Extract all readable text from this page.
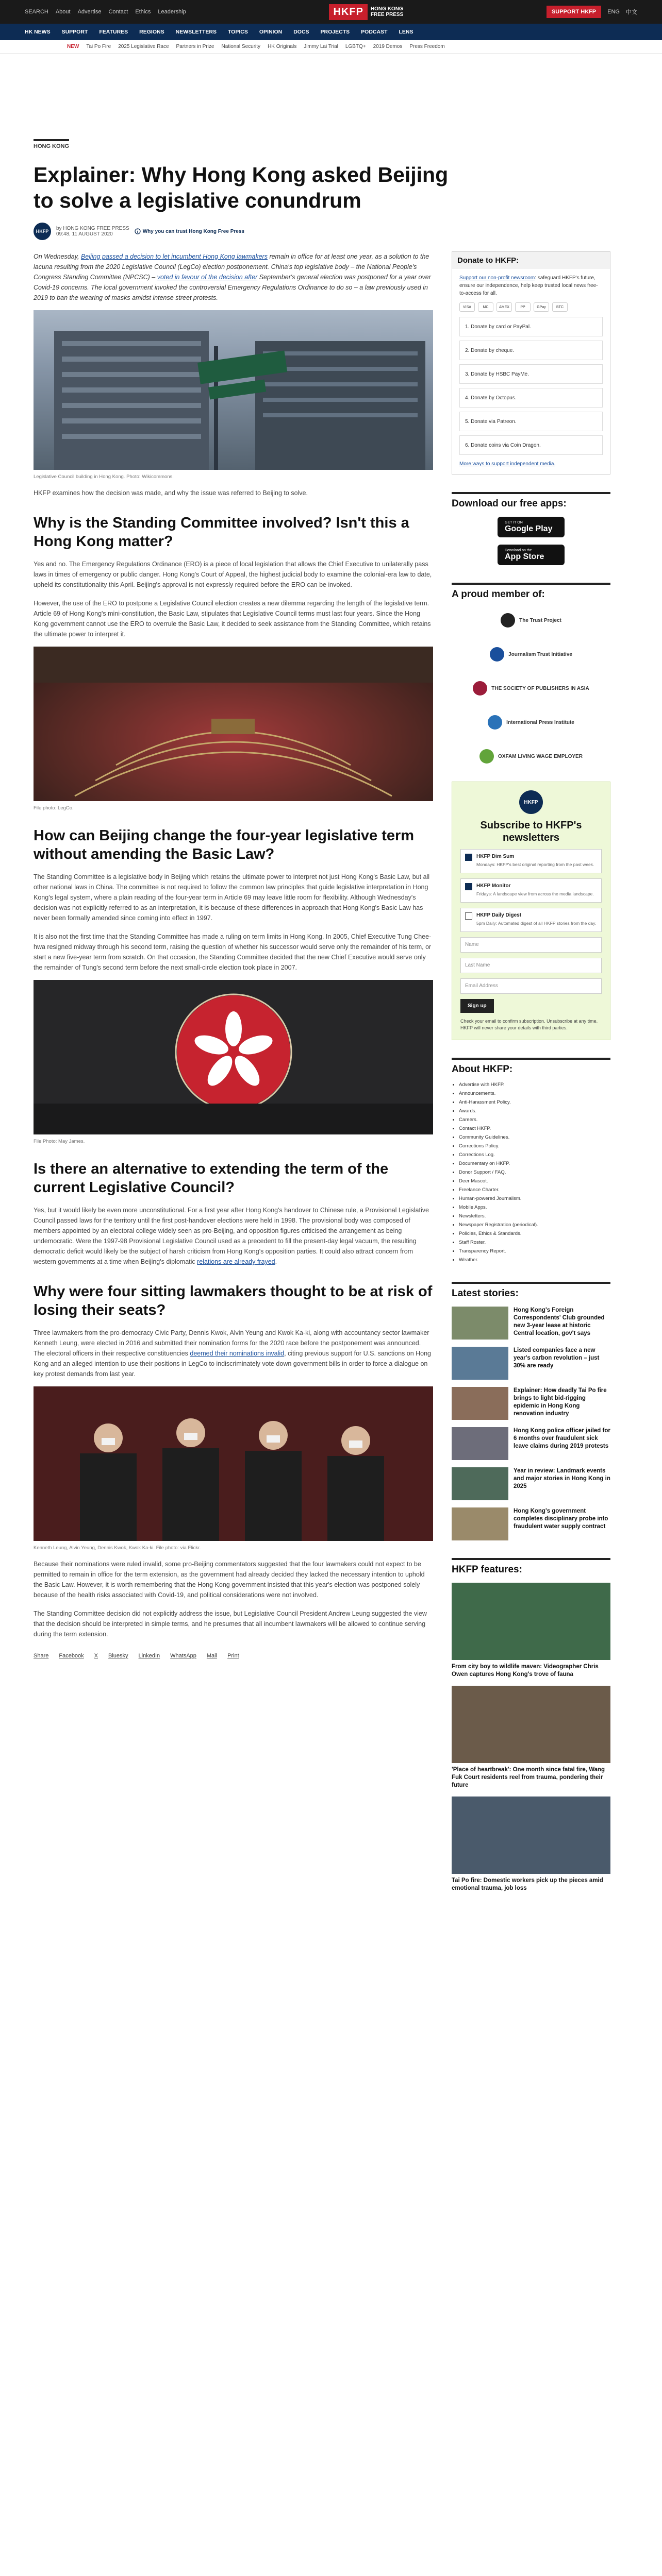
SEARCH About Advertise Contact Ethics Leadership	HKFP	HONG KONG
FREE PRESS	SUPPORT HKFP	ENG 中文
HK NEWS SUPPORT FEATURES REGIONS NEWSLETTERS TOPICS OPINION DOCS PROJECTS PODCAST LENS
NEW Tai Po Fire 2025 Legislative Race Partners in Prize National Security HK Originals Jimmy Lai Trial LGBTQ+ 2019 Demos Press Freedom
HONG KONG
Explainer: Why Hong Kong asked Beijing to solve a legislative conundrum
HKFP	by HONG KONG FREE PRESS
09:48, 11 AUGUST 2020	Why you can trust Hong Kong Free Press

On Wednesday, Beijing passed a decision to let incumbent Hong Kong lawmakers remain in office for at least one year, as a solution to the lacuna resulting from the 2020 Legislative Council (LegCo) election postponement. China's top legislative body – the National People's Congress Standing Committee (NPCSC) – voted in favour of the decision after September's general election was postponed for a year over Covid-19 concerns. The local government invoked the controversial Emergency Regulations Ordinance to do so – a law previously used in 2019 to ban the wearing of masks amidst intense street protests.

Legislative Council building in Hong Kong. Photo: Wikicommons.

HKFP examines how the decision was made, and why the issue was referred to Beijing to solve.

Why is the Standing Committee involved? Isn't this a Hong Kong matter?

Yes and no. The Emergency Regulations Ordinance (ERO) is a piece of local legislation that allows the Chief Executive to unilaterally pass laws in times of emergency or public danger. Hong Kong's Court of Appeal, the highest judicial body to examine the colonial-era law to date, upheld its constitutionality this April. Beijing's approval is not expressly required before the ERO can be invoked.

However, the use of the ERO to postpone a Legislative Council election creates a new dilemma regarding the length of the legislative term. Article 69 of Hong Kong's mini-constitution, the Basic Law, stipulates that Legislative Council terms must last four years. Since the Hong Kong government cannot use the ERO to overrule the Basic Law, it decided to seek assistance from the Standing Committee, which retains the ultimate power to interpret it.

File photo: LegCo.
How can Beijing change the four-year legislative term without amending the Basic Law?

The Standing Committee is a legislative body in Beijing which retains the ultimate power to interpret not just Hong Kong's Basic Law, but all other national laws in China. The committee is not required to follow the common law principles that guide legislative interpretation in Hong Kong's legal system, where a plain reading of the four-year term in Article 69 may leave little room for flexibility. Although Wednesday's decision was not explicitly referred to as an interpretation, it is because of these differences in approach that Hong Kong's Basic Law has never been formally amended since coming into effect in 1997.

It is also not the first time that the Standing Committee has made a ruling on term limits in Hong Kong. In 2005, Chief Executive Tung Chee-hwa resigned midway through his second term, raising the question of whether his successor would serve only the remainder of his term, or start a new five-year term from scratch. On that occasion, the Standing Committee decided that the new Chief Executive would serve only the remainder of Tung's second term before the next small-circle election took place in 2007.

File Photo: May James.
Is there an alternative to extending the term of the current Legislative Council?

Yes, but it would likely be even more unconstitutional. For a first year after Hong Kong's handover to Chinese rule, a Provisional Legislative Council passed laws for the territory until the first post-handover elections were held in 1998. The provisional body was composed of members appointed by an electoral college widely seen as pro-Beijing, and opposition figures criticised the arrangement as being undemocratic. Were the 1997-98 Provisional Legislative Council used as a precedent to fill the present-day legal vacuum, the resulting democratic deficit would likely be the subject of harsh criticism from Hong Kong's opposition parties. It could also attract concern from western governments at a time when Beijing's diplomatic relations are already frayed.

Why were four sitting lawmakers thought to be at risk of losing their seats?

Three lawmakers from the pro-democracy Civic Party, Dennis Kwok, Alvin Yeung and Kwok Ka-ki, along with accountancy sector lawmaker Kenneth Leung, were elected in 2016 and submitted their nomination forms for the 2020 race before the postponement was announced. The electoral officers in their respective constituencies deemed their nominations invalid, citing previous support for U.S. sanctions on Hong Kong and an alleged intention to use their positions in LegCo to indiscriminately vote down government bills in order to force a dialogue on key protest demands from last year.

Kenneth Leung, Alvin Yeung, Dennis Kwok, Kwok Ka-ki. File photo: via Flickr.

Because their nominations were ruled invalid, some pro-Beijing commentators suggested that the four lawmakers could not expect to be permitted to remain in office for the term extension, as the government had already decided they lacked the necessary intention to uphold the Basic Law. However, it is worth remembering that the Hong Kong government insisted that this year's election was postponed solely because of the health risks associated with Covid-19, and political considerations were not involved.

The Standing Committee decision did not explicitly address the issue, but Legislative Council President Andrew Leung suggested the view that the decision should be interpreted in simple terms, and he presumes that all incumbent lawmakers will be allowed to continue serving during the term extension.

Share Facebook X Bluesky LinkedIn WhatsApp Mail Print
Donate to HKFP:

Support our non-profit newsroom: safeguard HKFP's future, ensure our independence, help keep trusted local news free-to-access for all.

VISA	MC	AMEX	PP	GPay	BTC
1. Donate by card or PayPal.
2. Donate by cheque.
3. Donate by HSBC PayMe.
4. Donate by Octopus.
5. Donate via Patreon.
6. Donate coins via Coin Dragon.
More ways to support independent media.
Download our free apps:
GET IT ON
Google Play
Download on the
App Store
A proud member of:
The Trust Project
Journalism Trust Initiative
THE SOCIETY OF PUBLISHERS IN ASIA
International Press Institute
OXFAM LIVING WAGE EMPLOYER
HKFP
Subscribe to HKFP's newsletters
HKFP Dim Sum
Mondays: HKFP's best original reporting from the past week.
HKFP Monitor
Fridays: A landscape view from across the media landscape.
HKFP Daily Digest
5pm Daily: Automated digest of all HKFP stories from the day.
Name
Last Name
Email Address
Sign up

Check your email to confirm subscription. Unsubscribe at any time. HKFP will never share your details with third parties.

About HKFP:
• Advertise with HKFP.
• Announcements.
• Anti-Harassment Policy.
• Awards.
• Careers.
• Contact HKFP.
• Community Guidelines.
• Corrections Policy.
• Corrections Log.
• Documentary on HKFP.
• Donor Support / FAQ.
• Deer Mascot.
• Freelance Charter.
• Human-powered Journalism.
• Mobile Apps.
• Newsletters.
• Newspaper Registration (periodical).
• Policies, Ethics & Standards.
• Staff Roster.
• Transparency Report.
• Weather.
Latest stories:
Hong Kong's Foreign Correspondents' Club grounded new 3-year lease at historic Central location, gov't says
Listed companies face a new year's carbon revolution – just 30% are ready
Explainer: How deadly Tai Po fire brings to light bid-rigging epidemic in Hong Kong renovation industry
Hong Kong police officer jailed for 6 months over fraudulent sick leave claims during 2019 protests
Year in review: Landmark events and major stories in Hong Kong in 2025
Hong Kong's government completes disciplinary probe into fraudulent water supply contract
HKFP features:
From city boy to wildlife maven: Videographer Chris Owen captures Hong Kong's trove of fauna
'Place of heartbreak': One month since fatal fire, Wang Fuk Court residents reel from trauma, pondering their future
Tai Po fire: Domestic workers pick up the pieces amid emotional trauma, job loss
